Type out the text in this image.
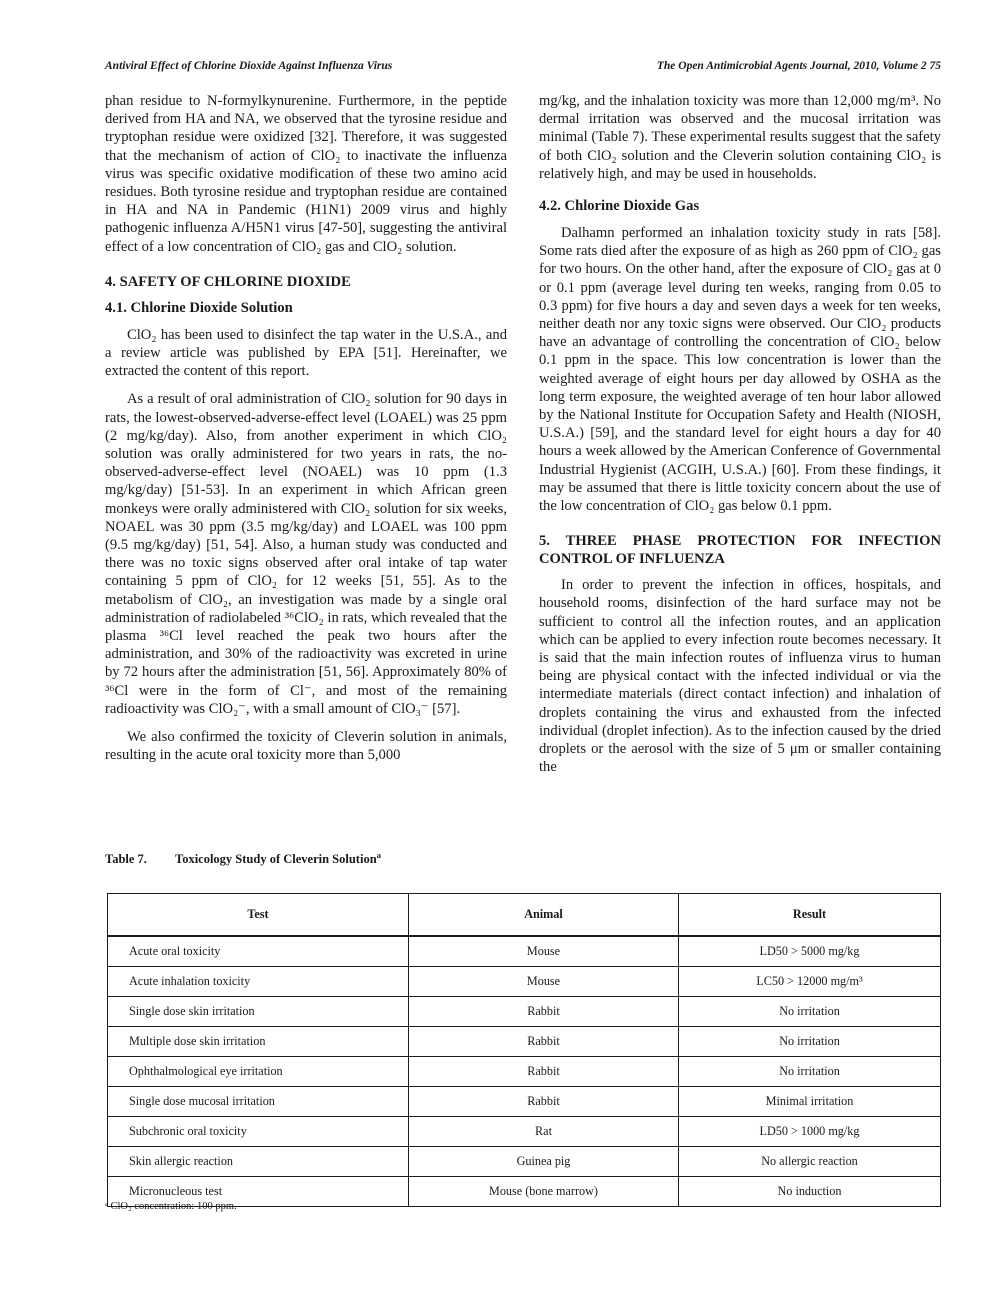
Antiviral Effect of Chlorine Dioxide Against Influenza Virus	The Open Antimicrobial Agents Journal, 2010, Volume 2 75

phan residue to N-formylkynurenine. Furthermore, in the peptide derived from HA and NA, we observed that the tyrosine residue and tryptophan residue were oxidized [32]. Therefore, it was suggested that the mechanism of action of ClO₂ to inactivate the influenza virus was specific oxidative modification of these two amino acid residues. Both tyrosine residue and tryptophan residue are contained in HA and NA in Pandemic (H1N1) 2009 virus and highly pathogenic influenza A/H5N1 virus [47-50], suggesting the antiviral effect of a low concentration of ClO₂ gas and ClO₂ solution.

4. SAFETY OF CHLORINE DIOXIDE
4.1. Chlorine Dioxide Solution

ClO₂ has been used to disinfect the tap water in the U.S.A., and a review article was published by EPA [51]. Hereinafter, we extracted the content of this report.

As a result of oral administration of ClO₂ solution for 90 days in rats, the lowest-observed-adverse-effect level (LOAEL) was 25 ppm (2 mg/kg/day). Also, from another experiment in which ClO₂ solution was orally administered for two years in rats, the no-observed-adverse-effect level (NOAEL) was 10 ppm (1.3 mg/kg/day) [51-53]. In an experiment in which African green monkeys were orally administered with ClO₂ solution for six weeks, NOAEL was 30 ppm (3.5 mg/kg/day) and LOAEL was 100 ppm (9.5 mg/kg/day) [51, 54]. Also, a human study was conducted and there was no toxic signs observed after oral intake of tap water containing 5 ppm of ClO₂ for 12 weeks [51, 55]. As to the metabolism of ClO₂, an investigation was made by a single oral administration of radiolabeled ³⁶ClO₂ in rats, which revealed that the plasma ³⁶Cl level reached the peak two hours after the administration, and 30% of the radioactivity was excreted in urine by 72 hours after the administration [51, 56]. Approximately 80% of ³⁶Cl were in the form of Cl⁻, and most of the remaining radioactivity was ClO₂⁻, with a small amount of ClO₃⁻ [57].

We also confirmed the toxicity of Cleverin solution in animals, resulting in the acute oral toxicity more than 5,000

mg/kg, and the inhalation toxicity was more than 12,000 mg/m³. No dermal irritation was observed and the mucosal irritation was minimal (Table 7). These experimental results suggest that the safety of both ClO₂ solution and the Cleverin solution containing ClO₂ is relatively high, and may be used in households.

4.2. Chlorine Dioxide Gas

Dalhamn performed an inhalation toxicity study in rats [58]. Some rats died after the exposure of as high as 260 ppm of ClO₂ gas for two hours. On the other hand, after the exposure of ClO₂ gas at 0 or 0.1 ppm (average level during ten weeks, ranging from 0.05 to 0.3 ppm) for five hours a day and seven days a week for ten weeks, neither death nor any toxic signs were observed. Our ClO₂ products have an advantage of controlling the concentration of ClO₂ below 0.1 ppm in the space. This low concentration is lower than the weighted average of eight hours per day allowed by OSHA as the long term exposure, the weighted average of ten hour labor allowed by the National Institute for Occupation Safety and Health (NIOSH, U.S.A.) [59], and the standard level for eight hours a day for 40 hours a week allowed by the American Conference of Governmental Industrial Hygienist (ACGIH, U.S.A.) [60]. From these findings, it may be assumed that there is little toxicity concern about the use of the low concentration of ClO₂ gas below 0.1 ppm.

5. THREE PHASE PROTECTION FOR INFECTION CONTROL OF INFLUENZA

In order to prevent the infection in offices, hospitals, and household rooms, disinfection of the hard surface may not be sufficient to control all the infection routes, and an application which can be applied to every infection route becomes necessary. It is said that the main infection routes of influenza virus to human being are physical contact with the infected individual or via the intermediate materials (direct contact infection) and inhalation of droplets containing the virus and exhausted from the infected individual (droplet infection). As to the infection caused by the dried droplets or the aerosol with the size of 5 μm or smaller containing the

Table 7. Toxicology Study of Cleverin Solution$^a$
Test	Animal	Result
Acute oral toxicity	Mouse	LD50 > 5000 mg/kg
Acute inhalation toxicity	Mouse	LC50 > 12000 mg/m³
Single dose skin irritation	Rabbit	No irritation
Multiple dose skin irritation	Rabbit	No irritation
Ophthalmological eye irritation	Rabbit	No irritation
Single dose mucosal irritation	Rabbit	Minimal irritation
Subchronic oral toxicity	Rat	LD50 > 1000 mg/kg
Skin allergic reaction	Guinea pig	No allergic reaction
Micronucleous test	Mouse (bone marrow)	No induction
ᵃ ClO₂ concentration: 100 ppm.
